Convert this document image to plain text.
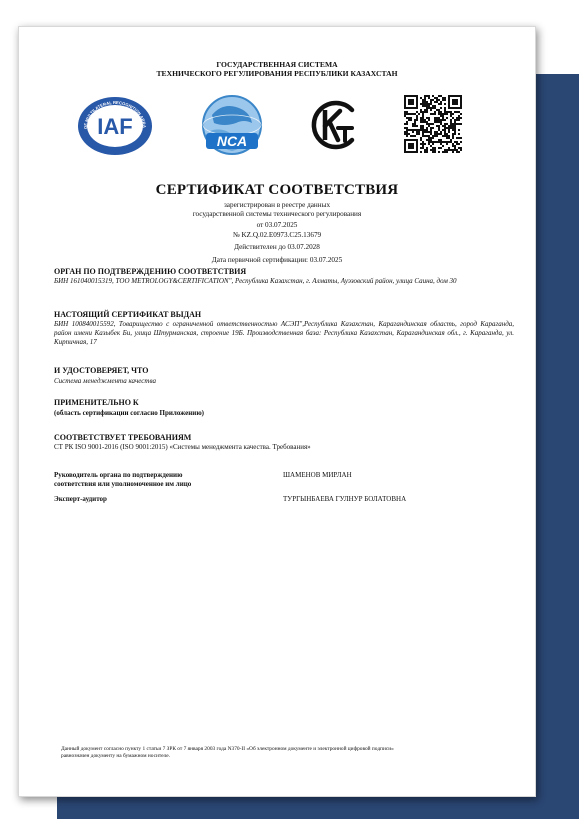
ГОСУДАРСТВЕННАЯ СИСТЕМА
ТЕХНИЧЕСКОГО РЕГУЛИРОВАНИЯ РЕСПУБЛИКИ КАЗАХСТАН
OF MULTILATERAL RECOGNITION ARRA
IAF
NCA
СЕРТИФИКАТ СООТВЕТСТВИЯ
зарегистрирован в реестре данных
государственной системы технического регулирования
от 03.07.2025
№ KZ.Q.02.E0973.C25.13679
Действителен до 03.07.2028
Дата первичной сертификации: 03.07.2025
ОРГАН ПО ПОДТВЕРЖДЕНИЮ СООТВЕТСТВИЯ
БИН 161040015319, ТОО METROLOGY&CERTIFICATION", Республика Казахстан, г. Алматы, Ауэзовский район, улица Саина, дом 30
НАСТОЯЩИЙ СЕРТИФИКАТ ВЫДАН
БИН 100840015592, Товарищество с ограниченной ответственностью АСЭП",Республика Казахстан, Карагандинская область, город Караганда, район имени Казыбек Би, улица Штурманская, строение 19Б. Производственная база: Республика Казахстан, Карагандинская обл., г. Караганда, ул. Кирпичная, 17
И УДОСТОВЕРЯЕТ, ЧТО
Система менеджмента качества
ПРИМЕНИТЕЛЬНО К
(область сертификации согласно Приложению)
СООТВЕТСТВУЕТ ТРЕБОВАНИЯМ
СТ РК ISO 9001-2016 (ISO 9001:2015) «Системы менеджмента качества. Требования»
Руководитель органа по подтверждению
соответствия или уполномоченное им лицо
ШАМЕНОВ МИРЛАН
Эксперт-аудитор	ТУРГЫНБАЕВА ГУЛНУР БОЛАТОВНА
Данный документ согласно пункту 1 статьи 7 ЗРК от 7 января 2003 года N370-II «Об электронном документе и электронной цифровой подписи»
равнозначен документу на бумажном носителе.
